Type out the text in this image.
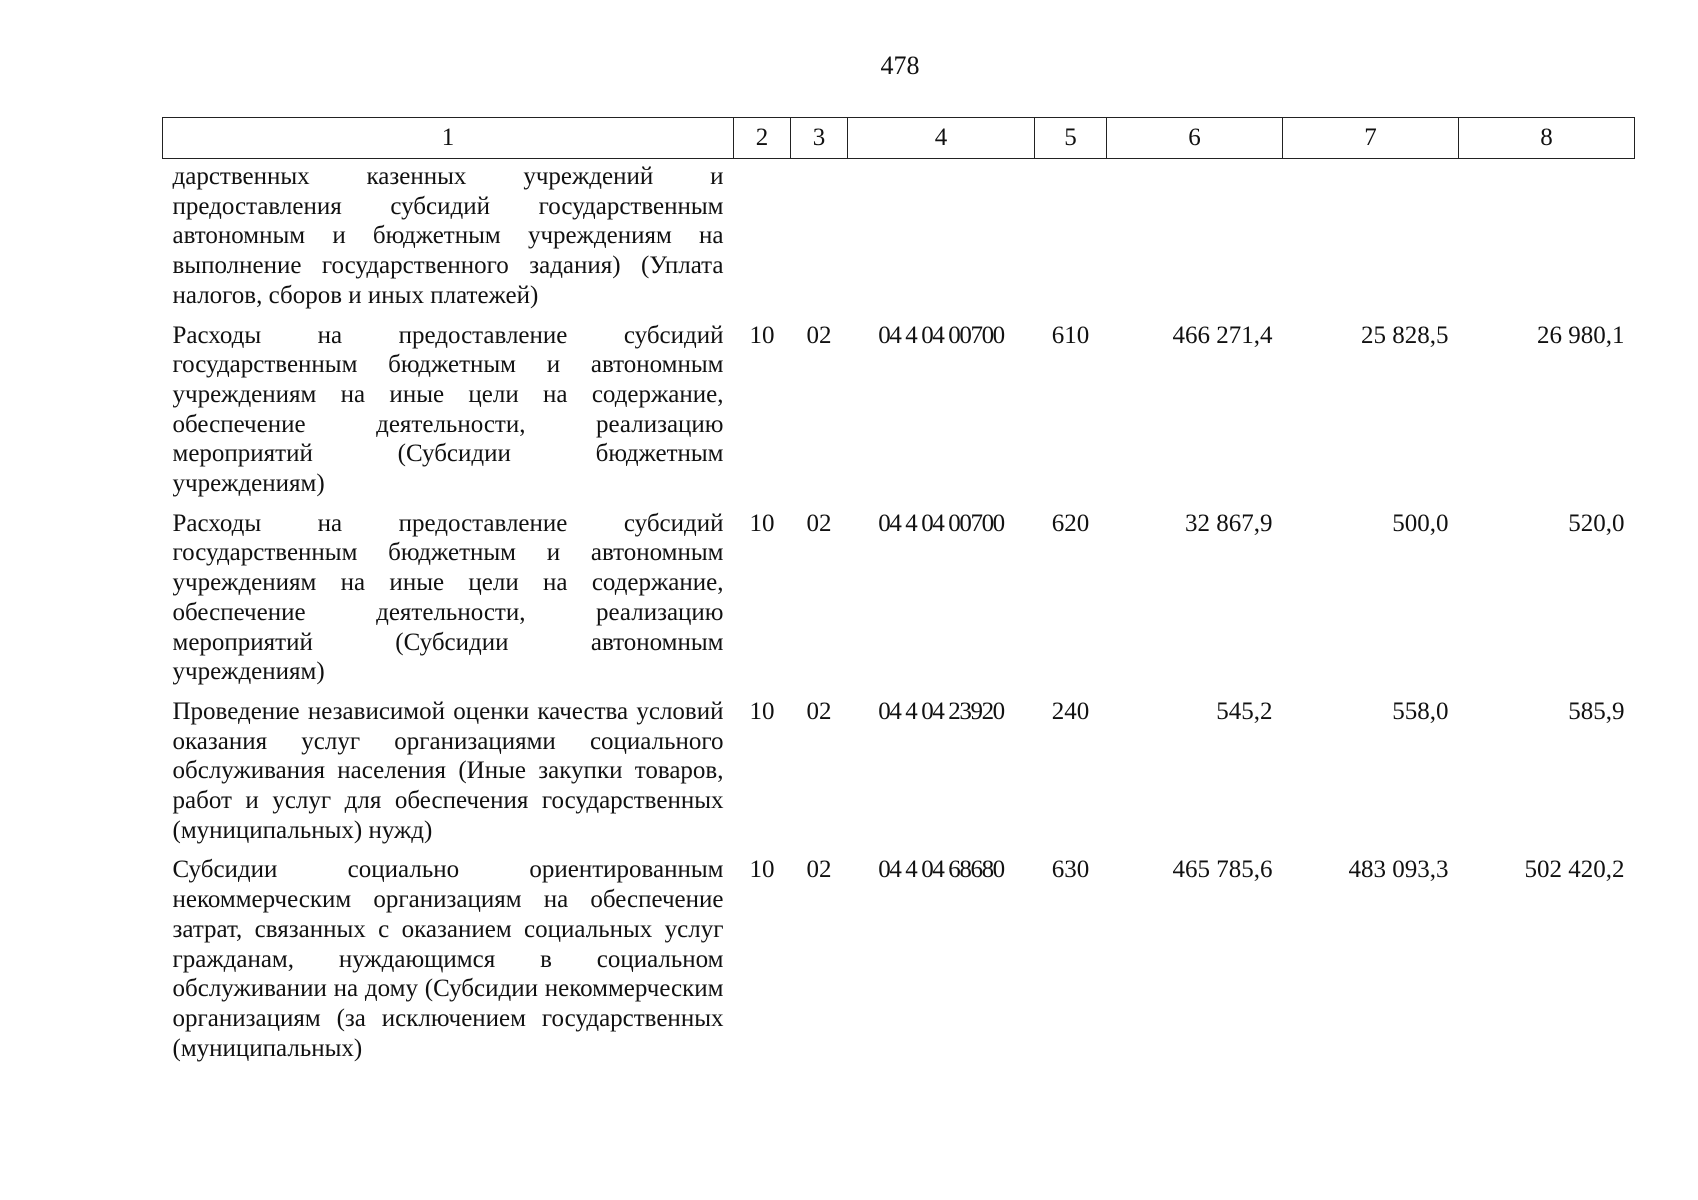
478
1	2	3	4	5	6	7	8
дарственных казенных учреждений и предоставления субсидий государственным автономным и бюджетным учреждениям на выполнение государственного задания) (Уплата налогов, сборов и иных платежей)							
Расходы на предоставление субсидий государственным бюджетным и автономным учреждениям на иные цели на содержание, обеспечение деятельности, реализацию мероприятий (Субсидии бюджетным учреждениям)	10	02	04 4 04 00700	610	466 271,4	25 828,5	26 980,1
Расходы на предоставление субсидий государственным бюджетным и автономным учреждениям на иные цели на содержание, обеспечение деятельности, реализацию мероприятий (Субсидии автономным учреждениям)	10	02	04 4 04 00700	620	32 867,9	500,0	520,0
Проведение независимой оценки качества условий оказания услуг организациями социального обслуживания населения (Иные закупки товаров, работ и услуг для обеспечения государственных (муниципальных) нужд)	10	02	04 4 04 23920	240	545,2	558,0	585,9
Субсидии социально ориентированным некоммерческим организациям на обеспечение затрат, связанных с оказанием социальных услуг гражданам, нуждающимся в социальном обслуживании на дому (Субсидии некоммерческим организациям (за исключением государственных (муниципальных)	10	02	04 4 04 68680	630	465 785,6	483 093,3	502 420,2
